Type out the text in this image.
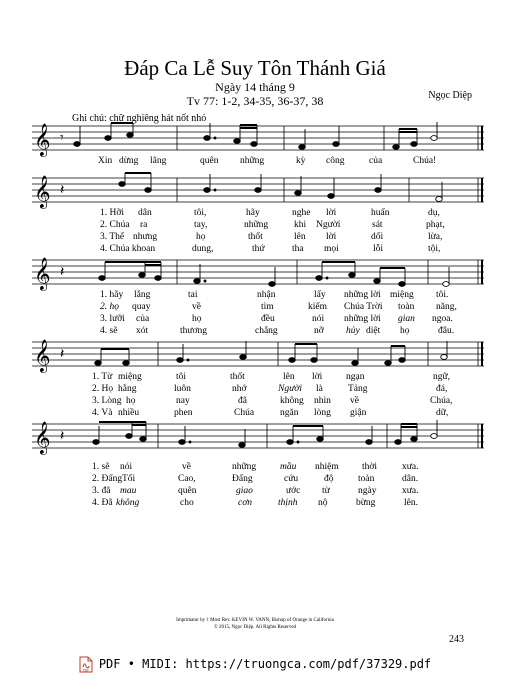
Đáp Ca Lễ Suy Tôn Thánh Giá
Ngày 14 tháng 9
Tv 77: 1-2, 34-35, 36-37, 38	Ngọc Diệp
Ghi chú: chữ nghiêng hát nốt nhỏ
𝄞 𝄾
Xin dừng lãng	quên những	kỳ công	của	Chúa!
𝄞 𝄽
1. Hỡi dân	tôi,	hãy	nghe lời	huấn	dụ,
2. Chúa ra	tay,	những	khi Người	sát	phạt,
3. Thế nhưng	họ	thốt	lên lời	dối	lừa,
4. Chúa khoan	dung,	thứ	tha mọi	lỗi	tội,
𝄞 𝄽
1. hãy lắng	tai	nhận	lấy những lời miệng tôi.
2. họ quay	về	tìm	kiếm Chúa Trời toàn năng,
3. lưỡi của	họ	đều	nói những lời gian ngoa.
4. sẽ xót	thương	chẳng	nỡ hủy diệt họ	đâu.
𝄞 𝄽
1. Từ miệng	tôi	thốt	lên lời ngạn	ngữ,
2. Họ hằng	luôn	nhớ	Người là	Tảng	đá,
3. Lòng họ	nay	đã	không nhìn về	Chúa,
4. Và nhiều	phen	Chúa	ngăn lòng giận	dữ,
𝄞 𝄽
1. sẽ nói	về	những	mầu nhiệm thời	xưa.
2. Đấng Tối	Cao,	Đấng	cứu	độ	toàn	dân.
3. đã mau	quên	giao	ước từ	ngày	xưa.
4. Đã không	cho	cơn	thịnh nộ	bừng	lên.
Imprimatur by † Most Rev. KEVIN W. VANN, Bishop of Orange in California
© 2015, Ngọc Diệp. All Rights Reserved
243
PDF PDF • MIDI: https://truongca.com/pdf/37329.pdf
